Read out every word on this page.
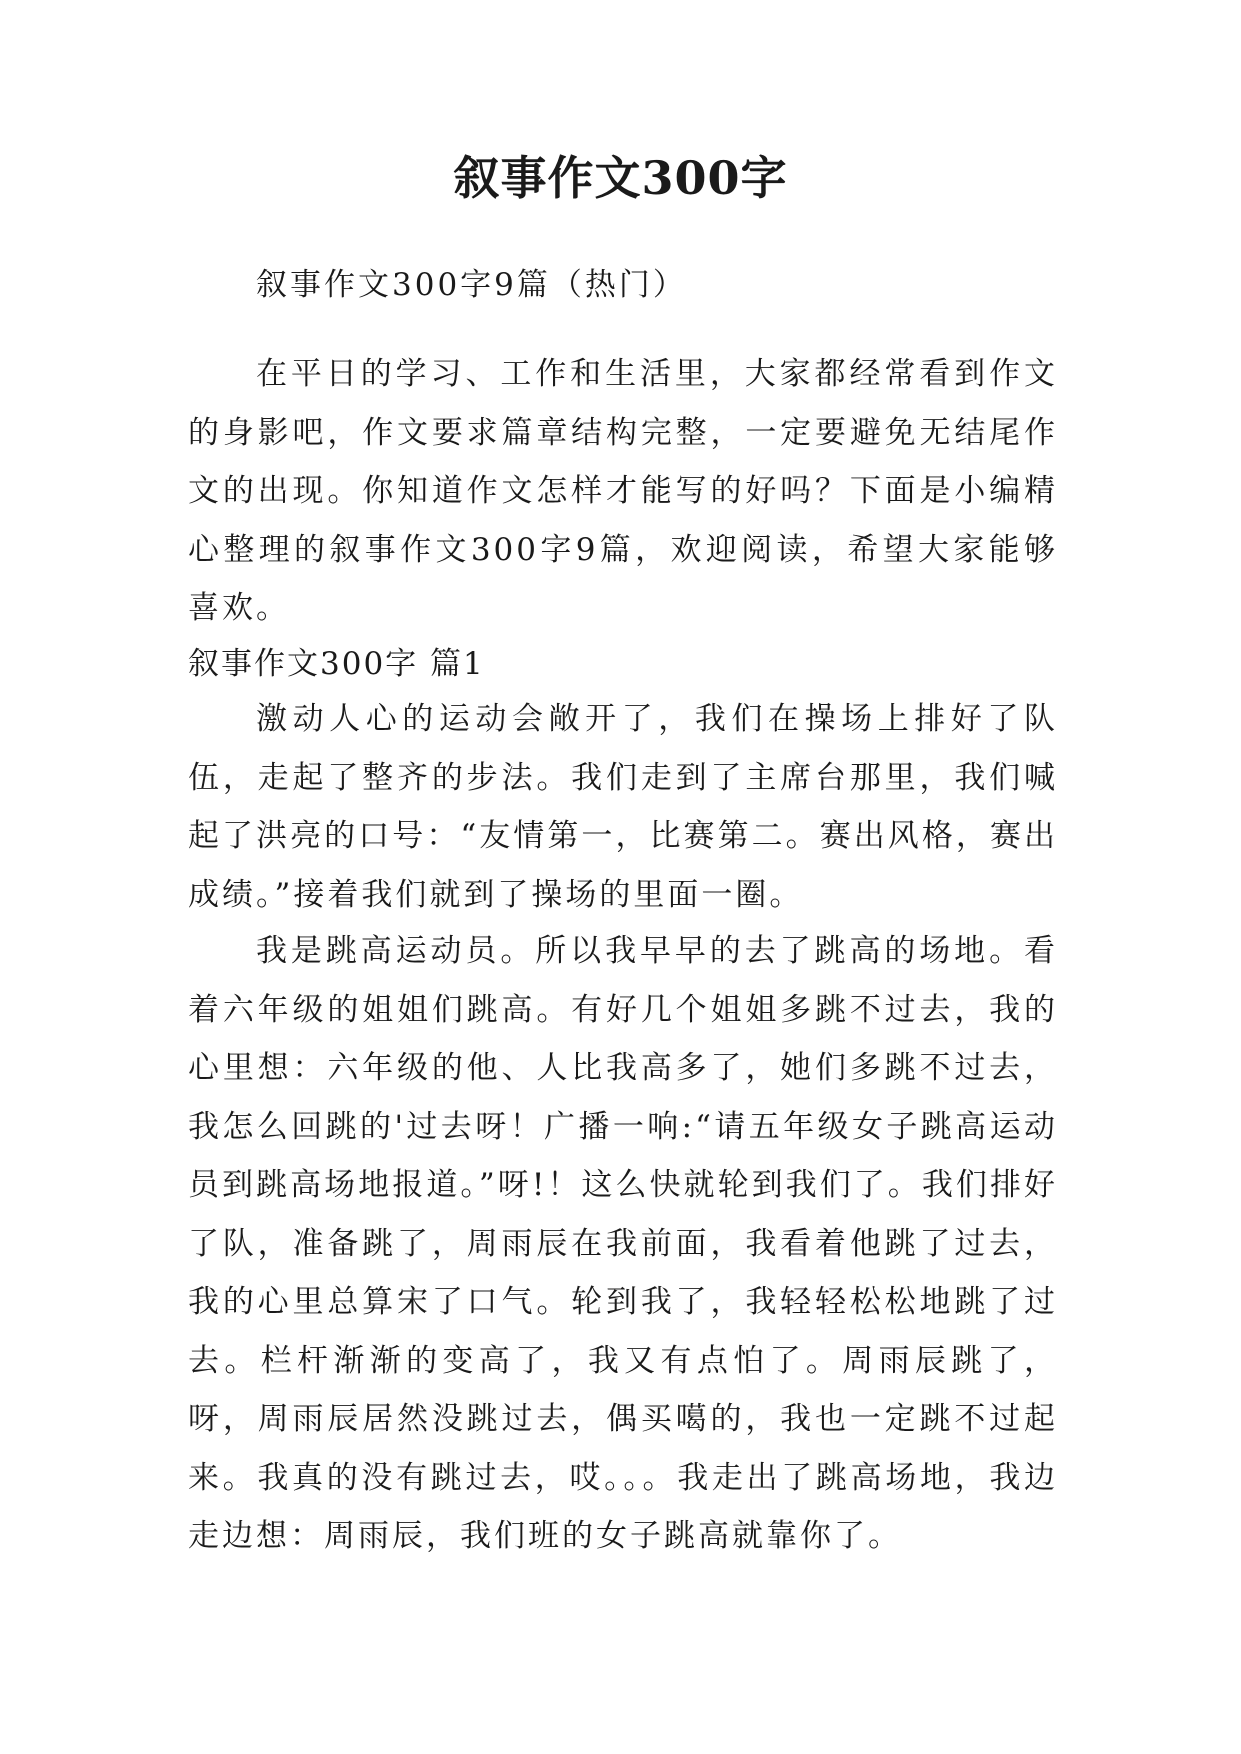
叙事作文300字

叙事作文300字9篇（热门）

在平日的学习、工作和生活里，大家都经常看到作文的身影吧，作文要求篇章结构完整，一定要避免无结尾作文的出现。你知道作文怎样才能写的好吗？下面是小编精心整理的叙事作文300字9篇，欢迎阅读，希望大家能够喜欢。

叙事作文300字 篇1

激动人心的运动会敞开了，我们在操场上排好了队伍，走起了整齐的步法。我们走到了主席台那里，我们喊起了洪亮的口号：“友情第一，比赛第二。赛出风格，赛出成绩。”接着我们就到了操场的里面一圈。

我是跳高运动员。所以我早早的去了跳高的场地。看着六年级的姐姐们跳高。有好几个姐姐多跳不过去，我的心里想：六年级的他、人比我高多了，她们多跳不过去，我怎么回跳的'过去呀！广播一响:“请五年级女子跳高运动员到跳高场地报道。”呀!！这么快就轮到我们了。我们排好了队，准备跳了，周雨辰在我前面，我看着他跳了过去，我的心里总算宋了口气。轮到我了，我轻轻松松地跳了过去。栏杆渐渐的变高了，我又有点怕了。周雨辰跳了，呀，周雨辰居然没跳过去，偶买噶的，我也一定跳不过起来。我真的没有跳过去，哎。。。我走出了跳高场地，我边走边想：周雨辰，我们班的女子跳高就靠你了。
